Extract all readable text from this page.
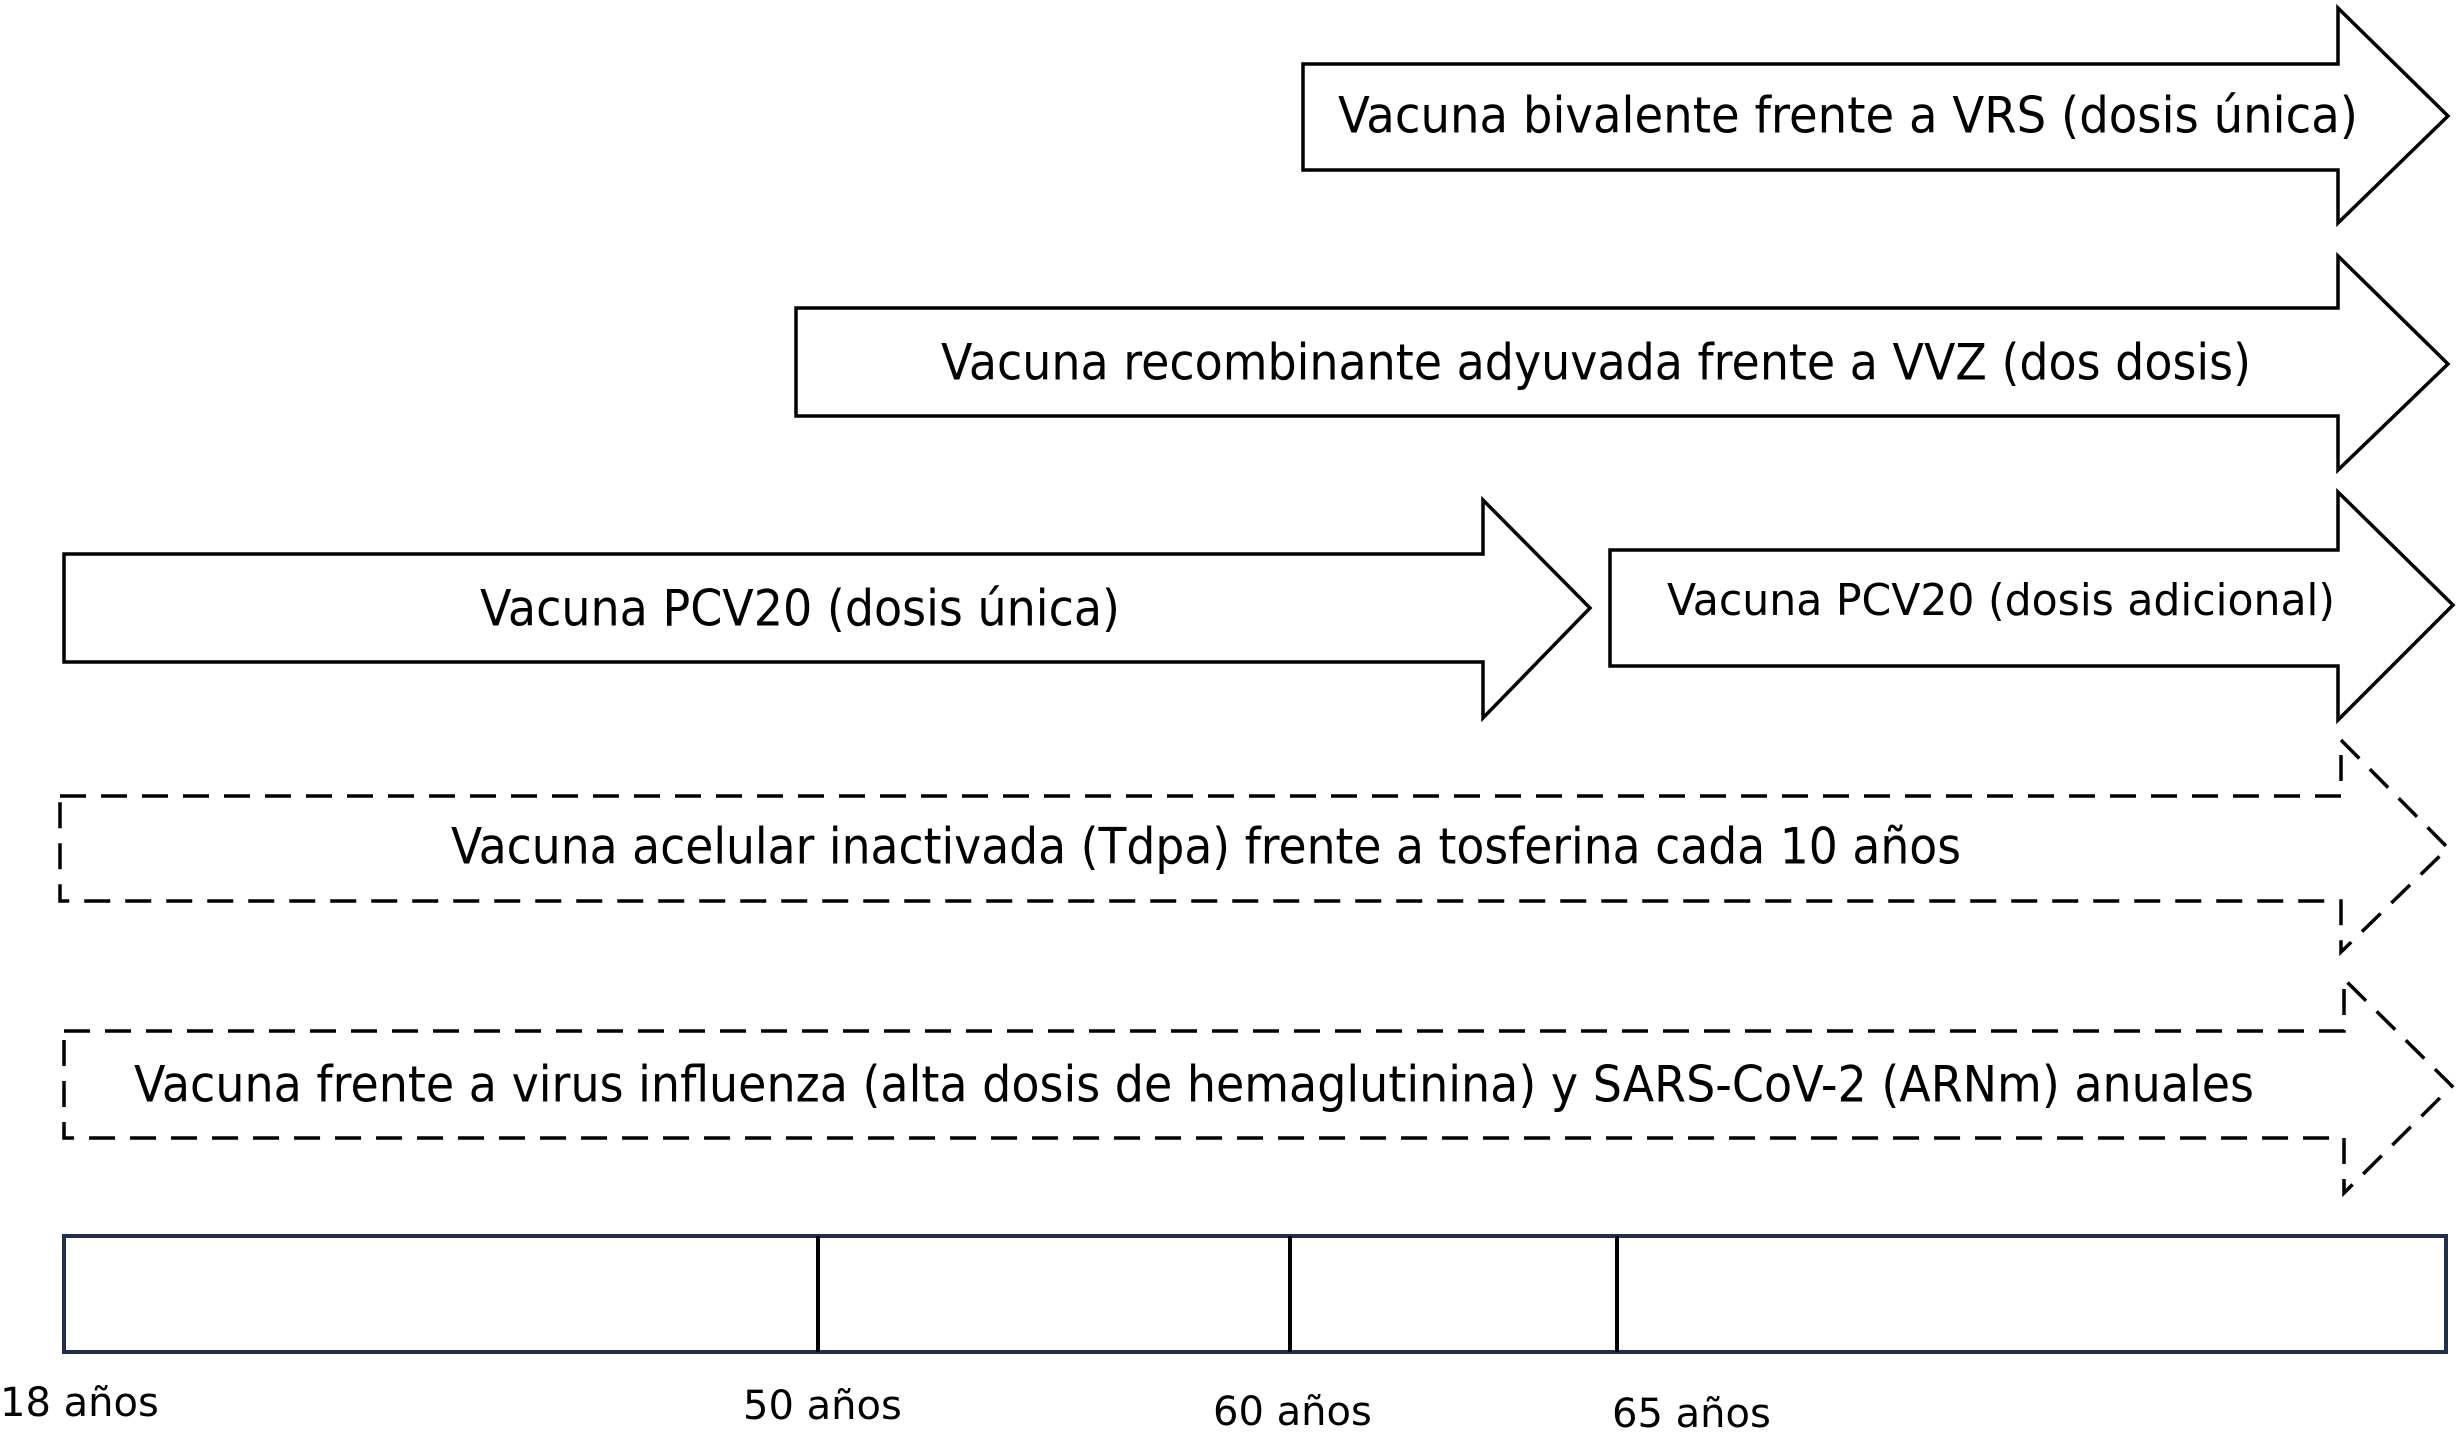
Vacuna bivalente frente a VRS (dosis única)
Vacuna recombinante adyuvada frente a VVZ (dos dosis)
Vacuna PCV20 (dosis única)	Vacuna PCV20 (dosis adicional)
Vacuna acelular inactivada (Tdpa) frente a tosferina cada 10 años
Vacuna frente a virus influenza (alta dosis de hemaglutinina) y SARS-CoV-2 (ARNm) anuales
18 años	50 años	60 años	65 años
